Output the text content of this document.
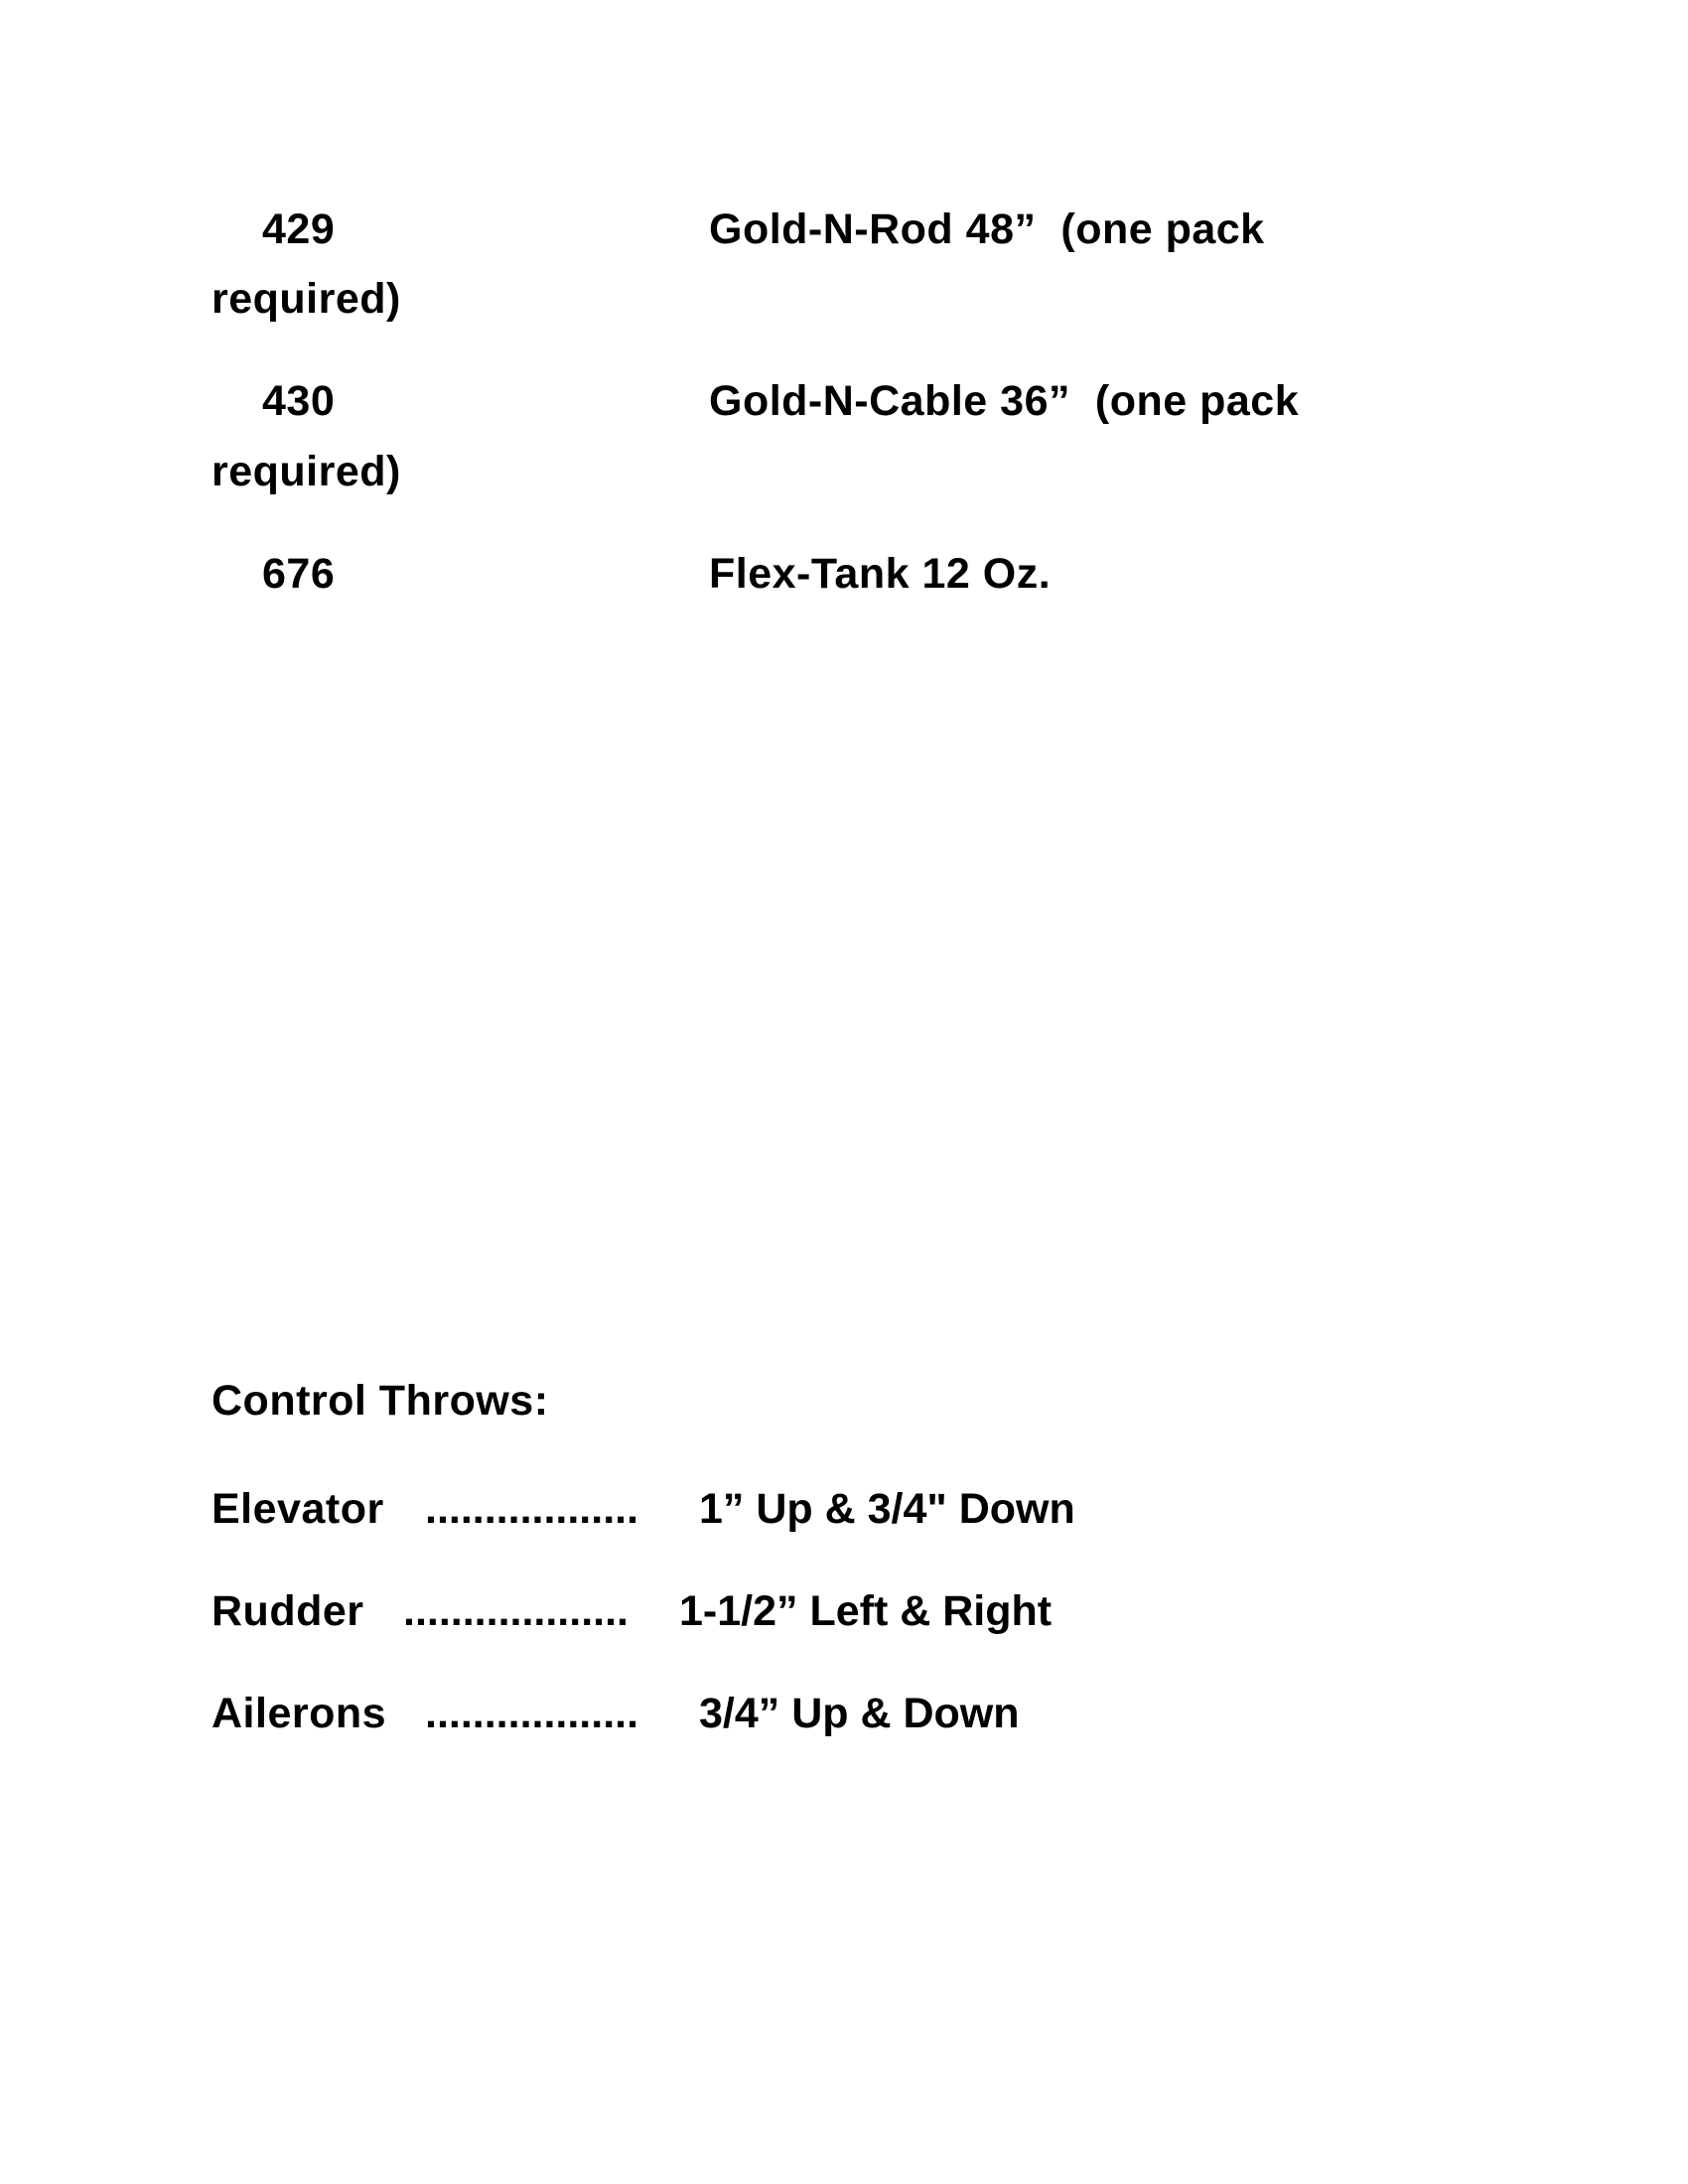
429	Gold-N-Rod 48”  (one pack
required)
430	Gold-N-Cable 36”  (one pack
required)
676	Flex-Tank 12 Oz.
Control Throws:
Elevator .................. 1” Up & 3/4" Down
Rudder ................... 1-1/2” Left & Right
Ailerons .................. 3/4” Up & Down
